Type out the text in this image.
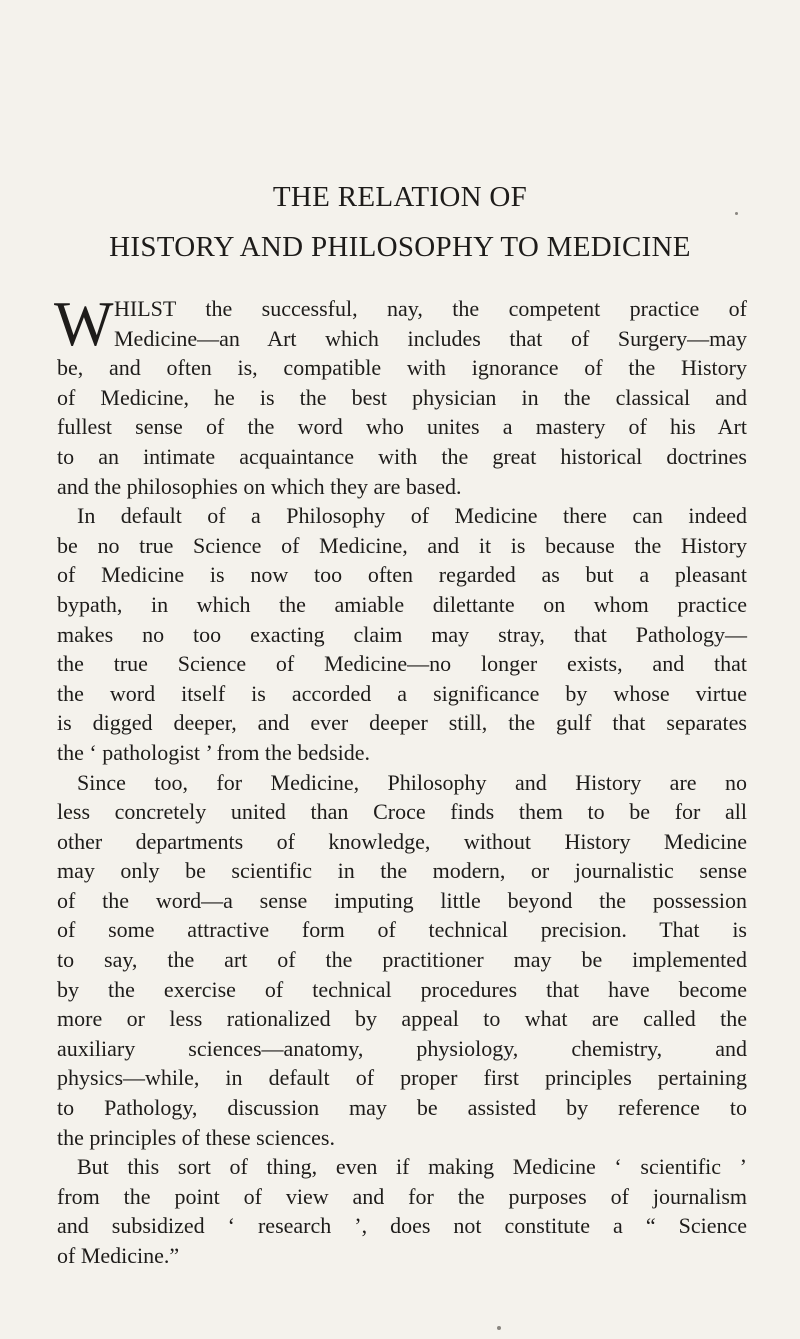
THE RELATION OF
HISTORY AND PHILOSOPHY TO MEDICINE
W HILST the successful, nay, the competent practice of
Medicine—an Art which includes that of Surgery—may
be, and often is, compatible with ignorance of the History
of Medicine, he is the best physician in the classical and
fullest sense of the word who unites a mastery of his Art
to an intimate acquaintance with the great historical doctrines
and the philosophies on which they are based.
In default of a Philosophy of Medicine there can indeed
be no true Science of Medicine, and it is because the History
of Medicine is now too often regarded as but a pleasant
bypath, in which the amiable dilettante on whom practice
makes no too exacting claim may stray, that Pathology—
the true Science of Medicine—no longer exists, and that
the word itself is accorded a significance by whose virtue
is digged deeper, and ever deeper still, the gulf that separates
the ‘ pathologist ’ from the bedside.
Since too, for Medicine, Philosophy and History are no
less concretely united than Croce finds them to be for all
other departments of knowledge, without History Medicine
may only be scientific in the modern, or journalistic sense
of the word—a sense imputing little beyond the possession
of some attractive form of technical precision. That is
to say, the art of the practitioner may be implemented
by the exercise of technical procedures that have become
more or less rationalized by appeal to what are called the
auxiliary sciences—anatomy, physiology, chemistry, and
physics—while, in default of proper first principles pertaining
to Pathology, discussion may be assisted by reference to
the principles of these sciences.
But this sort of thing, even if making Medicine ‘ scientific ’
from the point of view and for the purposes of journalism
and subsidized ‘ research ’, does not constitute a “ Science
of Medicine.”
